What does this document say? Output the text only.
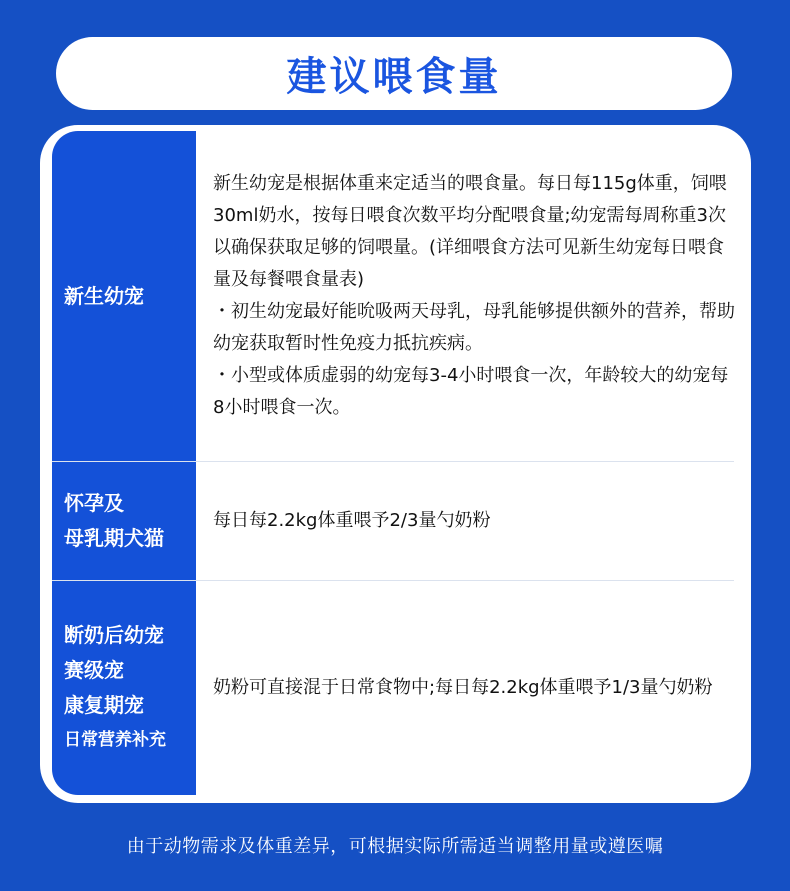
建议喂食量
新生幼宠
新生幼宠是根据体重来定适当的喂食量。每日每115g体重，饲喂30ml奶水，按每日喂食次数平均分配喂食量;幼宠需每周称重3次以确保获取足够的饲喂量。(详细喂食方法可见新生幼宠每日喂食量及每餐喂食量表)
・初生幼宠最好能吮吸两天母乳，母乳能够提供额外的营养，帮助幼宠获取暂时性免疫力抵抗疾病。
・小型或体质虚弱的幼宠每3-4小时喂食一次，年龄较大的幼宠每8小时喂食一次。
怀孕及
母乳期犬猫
每日每2.2kg体重喂予2/3量勺奶粉
断奶后幼宠
赛级宠
康复期宠
日常营养补充
奶粉可直接混于日常食物中;每日每2.2kg体重喂予1/3量勺奶粉
由于动物需求及体重差异，可根据实际所需适当调整用量或遵医嘱
